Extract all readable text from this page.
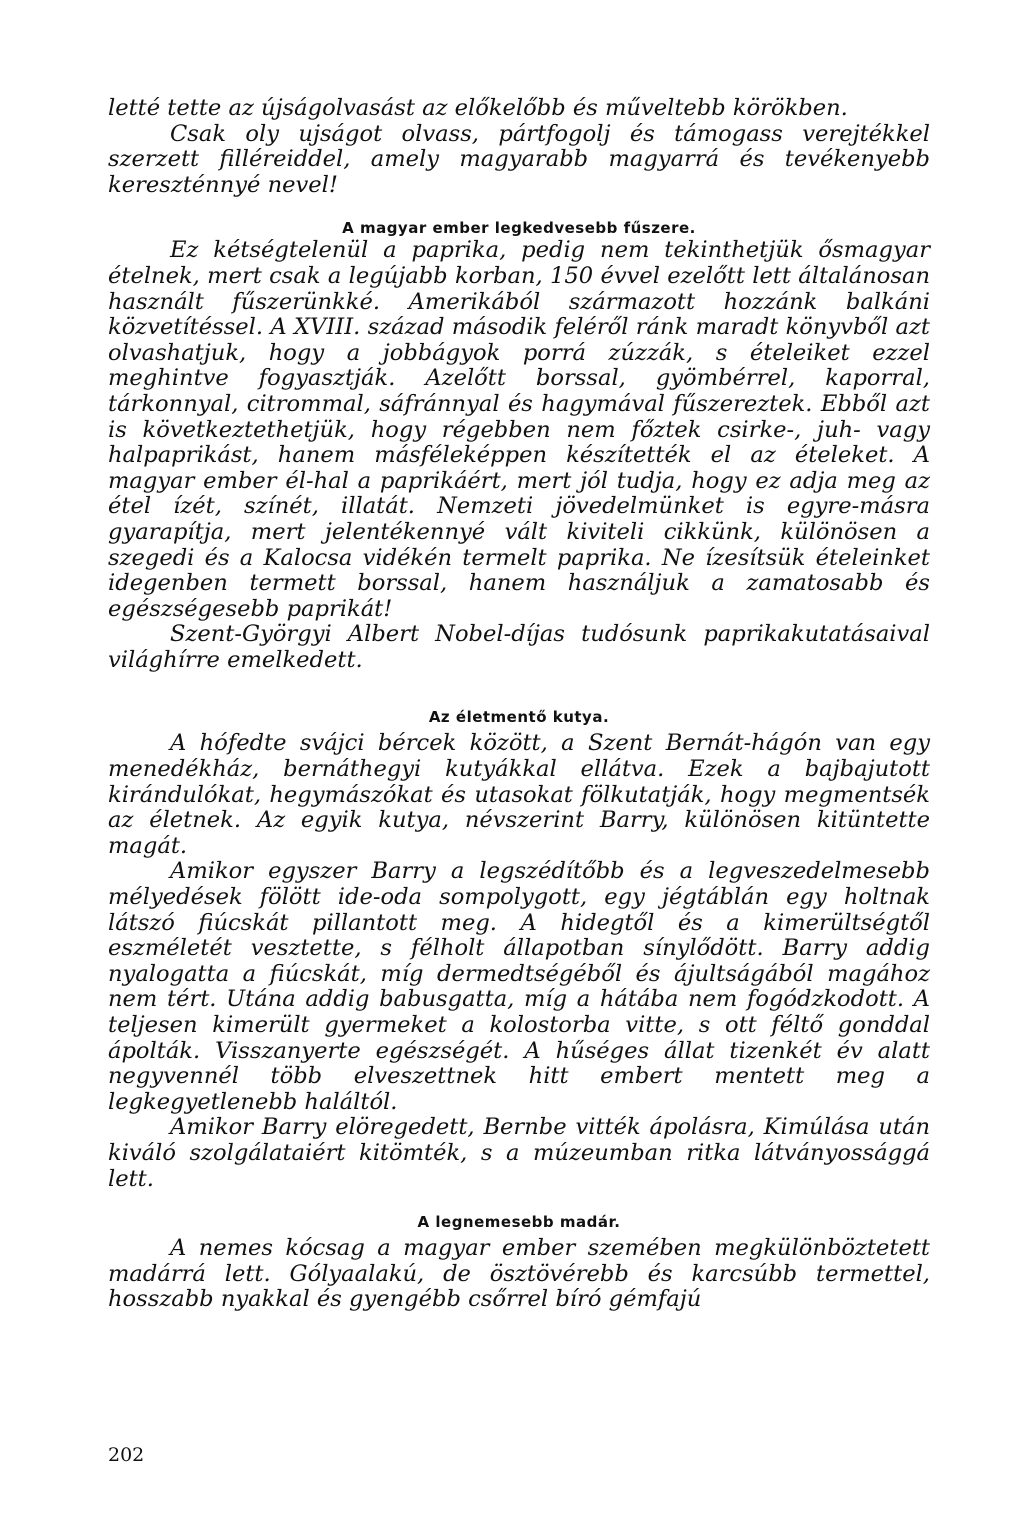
letté tette az újságolvasást az előkelőbb és műveltebb körökben.

Csak oly ujságot olvass, pártfogolj és támogass verejtékkel szerzett filléreiddel, amely magyarabb magyarrá és tevékenyebb kereszténnyé nevel!

A magyar ember legkedvesebb fűszere.

Ez kétségtelenül a paprika, pedig nem tekinthetjük ősmagyar ételnek, mert csak a legújabb korban, 150 évvel ezelőtt lett általánosan használt fűszerünkké. Amerikából származott hozzánk balkáni közvetítéssel. A XVIII. század második feléről ránk maradt könyvből azt olvashatjuk, hogy a jobbágyok porrá zúzzák, s ételeiket ezzel meghintve fogyasztják. Azelőtt borssal, gyömbérrel, kaporral, tárkonnyal, citrommal, sáfránnyal és hagymával fűszereztek. Ebből azt is következtethetjük, hogy régebben nem főztek csirke-, juh- vagy halpaprikást, hanem másféleképpen készítették el az ételeket. A magyar ember él-hal a paprikáért, mert jól tudja, hogy ez adja meg az étel ízét, színét, illatát. Nemzeti jövedelmünket is egyre-másra gyarapítja, mert jelentékennyé vált kiviteli cikkünk, különösen a szegedi és a Kalocsa vidékén termelt paprika. Ne ízesítsük ételeinket idegenben termett borssal, hanem használjuk a zamatosabb és egészségesebb paprikát!

Szent-Györgyi Albert Nobel-díjas tudósunk paprikakutatásaival világhírre emelkedett.

Az életmentő kutya.

A hófedte svájci bércek között, a Szent Bernát-hágón van egy menedékház, bernáthegyi kutyákkal ellátva. Ezek a bajbajutott kirándulókat, hegymászókat és utasokat fölkutatják, hogy megmentsék az életnek. Az egyik kutya, névszerint Barry, különösen kitüntette magát.

Amikor egyszer Barry a legszédítőbb és a legveszedelmesebb mélyedések fölött ide-oda sompolygott, egy jégtáblán egy holtnak látszó fiúcskát pillantott meg. A hidegtől és a kimerültségtől eszméletét vesztette, s félholt állapotban sínylődött. Barry addig nyalogatta a fiúcskát, míg dermedtségéből és ájultságából magához nem tért. Utána addig babusgatta, míg a hátába nem fogódzkodott. A teljesen kimerült gyermeket a kolostorba vitte, s ott féltő gonddal ápolták. Visszanyerte egészségét. A hűséges állat tizenkét év alatt negyvennél több elveszettnek hitt embert mentett meg a legkegyetlenebb haláltól.

Amikor Barry elöregedett, Bernbe vitték ápolásra, Kimúlása után kiváló szolgálataiért kitömték, s a múzeumban ritka látványossággá lett.

A legnemesebb madár.

A nemes kócsag a magyar ember szemében megkülönböztetett madárrá lett. Gólyaalakú, de ösztövérebb és karcsúbb termettel, hosszabb nyakkal és gyengébb csőrrel bíró gémfajú

202
